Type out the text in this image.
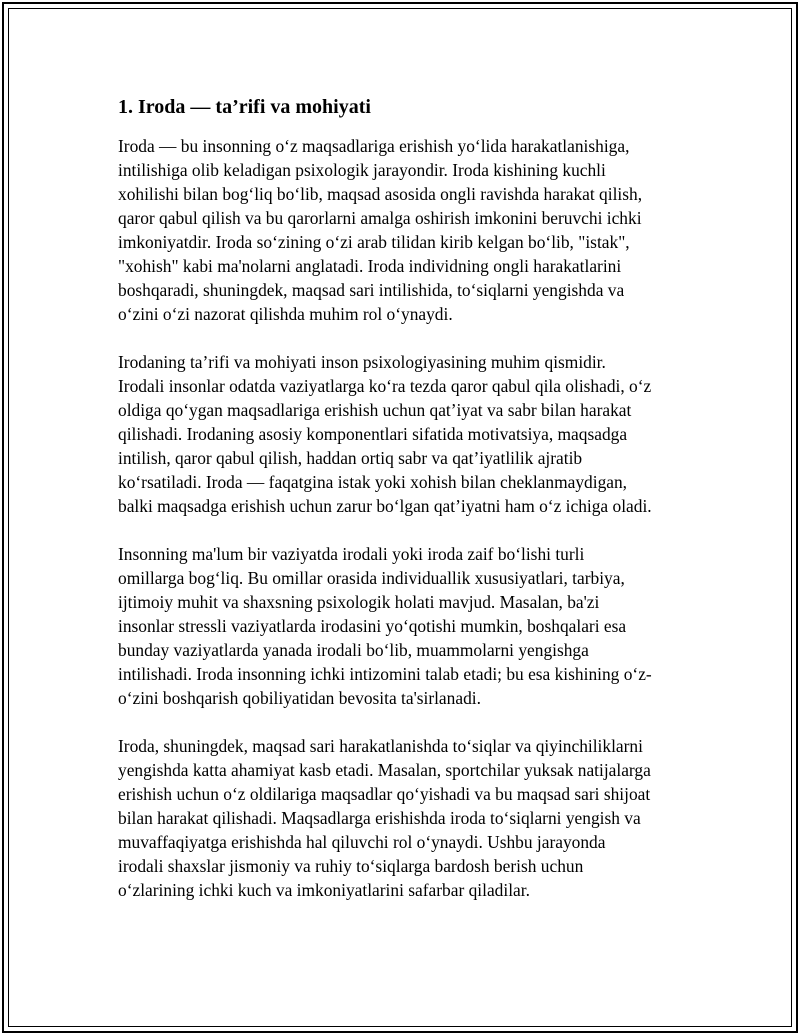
1. Iroda — ta’rifi va mohiyati

Iroda — bu insonning o‘z maqsadlariga erishish yo‘lida harakatlanishiga,
intilishiga olib keladigan psixologik jarayondir. Iroda kishining kuchli
xohilishi bilan bog‘liq bo‘lib, maqsad asosida ongli ravishda harakat qilish,
qaror qabul qilish va bu qarorlarni amalga oshirish imkonini beruvchi ichki
imkoniyatdir. Iroda so‘zining o‘zi arab tilidan kirib kelgan bo‘lib, "istak",
"xohish" kabi ma'nolarni anglatadi. Iroda individning ongli harakatlarini
boshqaradi, shuningdek, maqsad sari intilishida, to‘siqlarni yengishda va
o‘zini o‘zi nazorat qilishda muhim rol o‘ynaydi.

Irodaning ta’rifi va mohiyati inson psixologiyasining muhim qismidir.
Irodali insonlar odatda vaziyatlarga ko‘ra tezda qaror qabul qila olishadi, o‘z
oldiga qo‘ygan maqsadlariga erishish uchun qat’iyat va sabr bilan harakat
qilishadi. Irodaning asosiy komponentlari sifatida motivatsiya, maqsadga
intilish, qaror qabul qilish, haddan ortiq sabr va qat’iyatlilik ajratib
ko‘rsatiladi. Iroda — faqatgina istak yoki xohish bilan cheklanmaydigan,
balki maqsadga erishish uchun zarur bo‘lgan qat’iyatni ham o‘z ichiga oladi.

Insonning ma'lum bir vaziyatda irodali yoki iroda zaif bo‘lishi turli
omillarga bog‘liq. Bu omillar orasida individuallik xususiyatlari, tarbiya,
ijtimoiy muhit va shaxsning psixologik holati mavjud. Masalan, ba'zi
insonlar stressli vaziyatlarda irodasini yo‘qotishi mumkin, boshqalari esa
bunday vaziyatlarda yanada irodali bo‘lib, muammolarni yengishga
intilishadi. Iroda insonning ichki intizomini talab etadi; bu esa kishining o‘z-
o‘zini boshqarish qobiliyatidan bevosita ta'sirlanadi.

Iroda, shuningdek, maqsad sari harakatlanishda to‘siqlar va qiyinchiliklarni
yengishda katta ahamiyat kasb etadi. Masalan, sportchilar yuksak natijalarga
erishish uchun o‘z oldilariga maqsadlar qo‘yishadi va bu maqsad sari shijoat
bilan harakat qilishadi. Maqsadlarga erishishda iroda to‘siqlarni yengish va
muvaffaqiyatga erishishda hal qiluvchi rol o‘ynaydi. Ushbu jarayonda
irodali shaxslar jismoniy va ruhiy to‘siqlarga bardosh berish uchun
o‘zlarining ichki kuch va imkoniyatlarini safarbar qiladilar.
